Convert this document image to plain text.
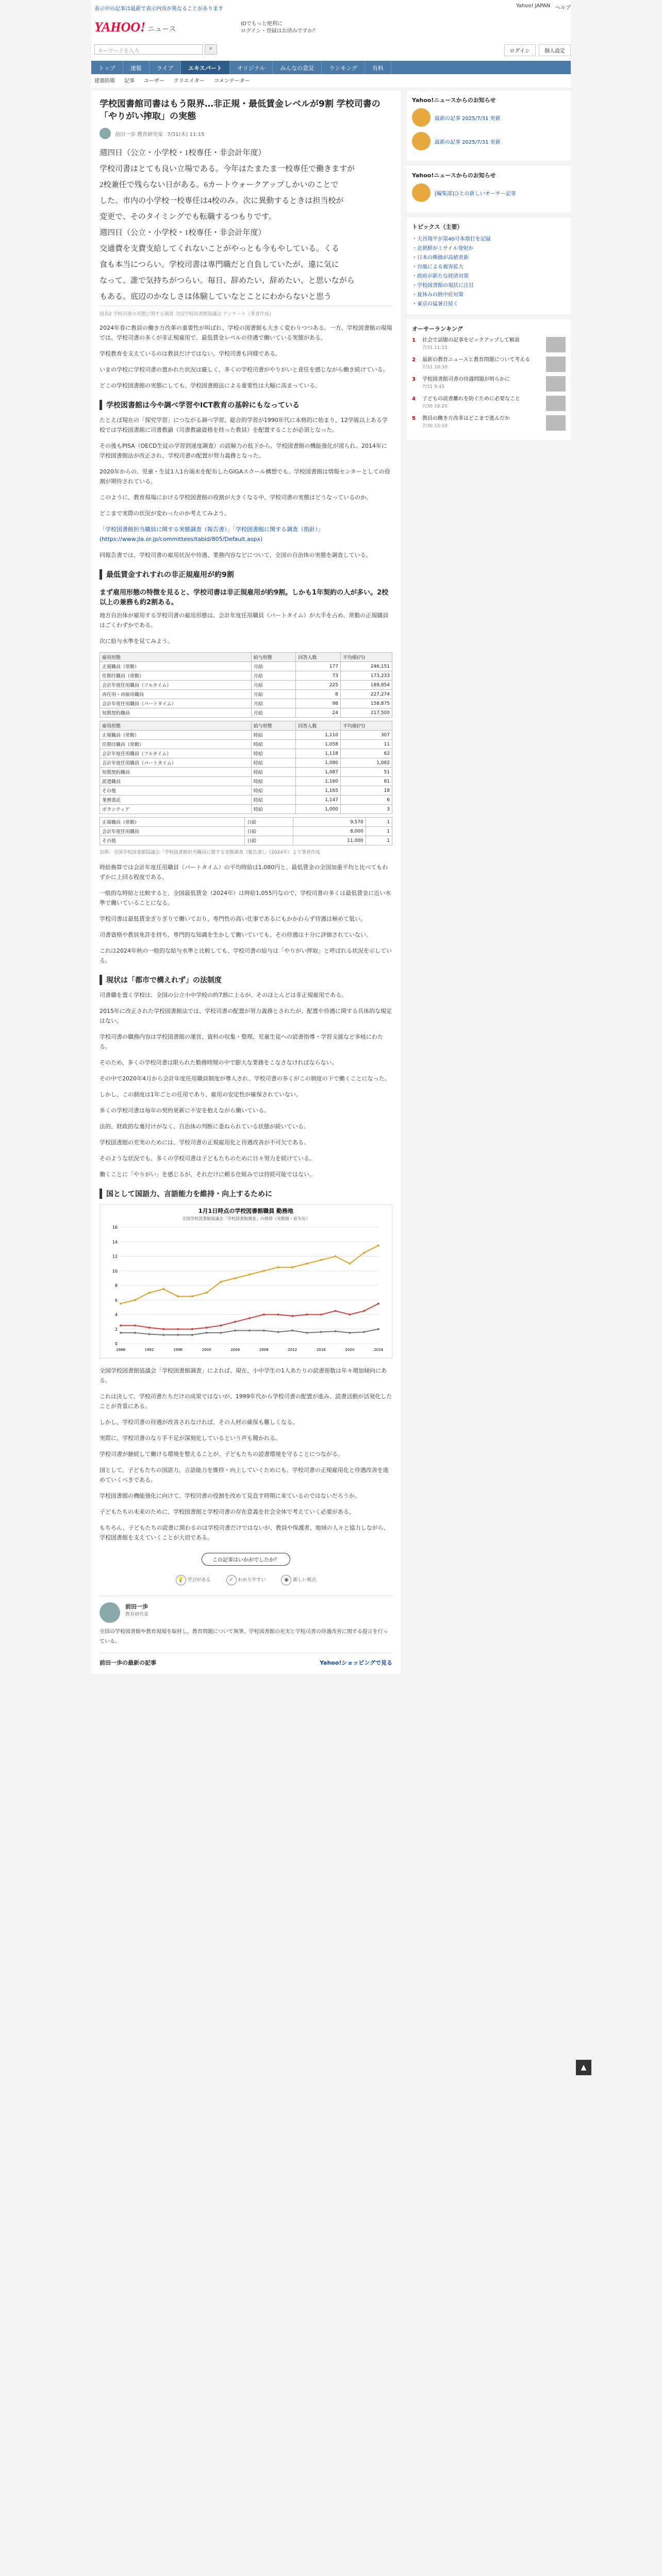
表示中の記事は最新で表示内容が異なることがあります
YAHOO! ニュース
IDでもっと便利に
ログイン・登録はお済みですか？
Yahoo! JAPAN ヘルプ
キーワードを入力	⌕	ログイン	個人設定
トップ	速報	ライブ	エキスパート	オリジナル	みんなの意見	ランキング	有料
建築防衛 記事 ユーザー クリエイター コメンテーター
学校図書館司書はもう限界…非正規・最低賃金レベルが9割 学校司書の「やりがい搾取」の実態
前田一歩 教育研究家 7/31(木) 11:15

週四日（公立・小学校・1校専任・非会計年度）

学校司書はとても良い立場である。今年はたまたま一校専任で働きますが

2校兼任で残らない日がある。6カートウォークアップしかいのことで

した。市内の小学校一校専任は4校のみ。次に異動するときは担当校が

変更で、そのタイミングでも転職するつもりです。

週四日（公立・小学校・1校専任・非会計年度）

交通費を支費支給してくれないことがやっとも今もやしている。くる

食も本当につらい。学校司書は専門職だと自負していたが、違に気に

なって、誰で気持ちがつらい。毎日、辞めたい、辞めたい、と思いながら

もある。底辺のかなしさは体験していなとことにわからないと思う

図表2 学校司書の実態に関する調査 全国学校図書館協議会 アンケート（筆者作成）

2024年春に教員の働き方改革の重要性が叫ばれ、学校の図書館も大きく変わりつつある。一方、学校図書館の現場では、学校司書の多くが非正規雇用で、最低賃金レベルの待遇で働いている実態がある。

学校教育を支えているのは教員だけではない。学校司書も同様である。

いまの学校に学校司書の置かれた状況は厳しく、多くの学校司書がやりがいと責任を感じながら働き続けている。

どこの学校図書館の実態にしても、学校図書館法による重要性は大幅に高まっている。

学校図書館は今や調べ学習やICT教育の基幹にもなっている

たとえば現在の「探究学習」につながる調べ学習、総合的学習が1990年代に本格的に始まり、12学級以上ある学校では学校図書館に司書教諭（司書教諭資格を持った教員）を配置することが必須となった。

その後もPISA（OECD生徒の学習到達度調査）の読解力の低下から、学校図書館の機能強化が図られ、2014年に学校図書館法が改正され、学校司書の配置が努力義務となった。

2020年からの、児童・生徒1人1台端末を配布したGIGAスクール構想でも、学校図書館は情報センターとしての役割が期待されている。

このように、教育現場における学校図書館の役割が大きくなる中、学校司書の実態はどうなっているのか。

どこまで実際の状況が変わったのか考えてみよう。

「学校図書館担当職員に関する実態調査（報告書）」「学校図書館に関する調査（指針）」
(https://www.jla.or.jp/committees/tabid/805/Default.aspx)

同報告書では、学校司書の雇用状況や待遇、業務内容などについて、全国の自治体の実態を調査している。

最低賃金すれすれの非正規雇用が約9割
まず雇用形態の特徴を見ると、学校司書は非正規雇用が約9割。しかも1年契約の人が多い。2校以上の兼務も約2割ある。

地方自治体が雇用する学校司書の雇用形態は、会計年度任用職員（パートタイム）が大半を占め、常勤の正規職員はごくわずかである。

次に給与水準を見てみよう。

雇用形態	給与形態	回答人数	平均値(円)
正規職員（常勤）	月給	177	246,151
任期付職員（常勤）	月給	73	173,233
会計年度任用職員（フルタイム）	月給	225	189,854
再任用・再雇用職員	月給	8	227,274
会計年度任用職員（パートタイム）	月給	98	158,875
短期契約職員	月給	24	217,500
雇用形態	給与形態	回答人数	平均値(円)
正規職員（常勤）	時給	1,110	307
任期付職員（常勤）	時給	1,058	11
会計年度任用職員（フルタイム）	時給	1,118	62
会計年度任用職員（パートタイム）	時給	1,080	1,082
短期契約職員	時給	1,087	51
派遣職員	時給	1,160	81
その他	時給	1,165	18
業務委託	時給	1,147	6
ボランティア	時給	1,000	3
正規職員（常勤）	日給	9,570	1
会計年度任用職員	日給	8,000	1
その他	日給	11,000	1
出典：全国学校図書館協議会「学校図書館担当職員に関する実態調査（報告書）」（2024年）より筆者作成

時給換算では会計年度任用職員（パートタイム）の平均時給は1,080円と、最低賃金の全国加重平均と比べてもわずかに上回る程度である。

一般的な時給と比較すると、全国最低賃金（2024年）は時給1,055円なので、学校司書の多くは最低賃金に近い水準で働いていることになる。

学校司書は最低賃金ぎりぎりで働いており、専門性の高い仕事であるにもかかわらず待遇は極めて低い。

司書資格や教員免許を持ち、専門的な知識を生かして働いていても、その待遇は十分に評価されていない。

これは2024年秋の一般的な給与水準と比較しても、学校司書の給与は「やりがい搾取」と呼ばれる状況を示している。

現状は「都市で構えれず」の法制度

司書職を置く学校は、全国の公立小中学校の約7割に上るが、そのほとんどは非正規雇用である。

2015年に改正された学校図書館法では、学校司書の配置が努力義務とされたが、配置や待遇に関する具体的な規定はない。

学校司書の職務内容は学校図書館の運営、資料の収集・整理、児童生徒への読書指導・学習支援など多岐にわたる。

そのため、多くの学校司書は限られた勤務時間の中で膨大な業務をこなさなければならない。

その中で2020年4月から会計年度任用職員制度が導入され、学校司書の多くがこの制度の下で働くことになった。

しかし、この制度は1年ごとの任用であり、雇用の安定性が確保されていない。

多くの学校司書は毎年の契約更新に不安を抱えながら働いている。

法的、財政的な裏付けがなく、自治体の判断に委ねられている状態が続いている。

学校図書館の充実のためには、学校司書の正規雇用化と待遇改善が不可欠である。

そのような状況でも、多くの学校司書は子どもたちのために日々努力を続けている。

働くことに「やりがい」を感じるが、それだけに頼る仕組みでは持続可能ではない。

国として国語力、言語能力を維持・向上するために
1月1日時点の学校図書館職員 勤務地
全国学校図書館協議会「学校図書館調査」の推移（実数値・前年比）
0
2
4
6
8
10
12
14
16
1988	1992	1996	2000	2004	2008	2012	2016	2020	2024

全国学校図書館協議会「学校図書館調査」によれば、現在、小中学生の1人あたりの読書冊数は年々増加傾向にある。

これは決して、学校司書たちだけの成果ではないが、1999年代から学校司書の配置が進み、読書活動が活発化したことが背景にある。

しかし、学校司書の待遇が改善されなければ、その人材の確保も難しくなる。

実際に、学校司書のなり手不足が深刻化しているという声も聞かれる。

学校司書が継続して働ける環境を整えることが、子どもたちの読書環境を守ることにつながる。

国として、子どもたちの国語力、言語能力を維持・向上していくためにも、学校司書の正規雇用化と待遇改善を進めていくべきである。

学校図書館の機能強化に向けて、学校司書の役割を改めて見直す時期に来ているのではないだろうか。

子どもたちの未来のために、学校図書館と学校司書の存在意義を社会全体で考えていく必要がある。

もちろん、子どもたちの読書に関わるのは学校司書だけではないが、教員や保護者、地域の人々と協力しながら、学校図書館を支えていくことが大切である。

この記事はいかがでしたか？
💡 学びがある	✓ わかりやすい	◉ 新しい視点
前田一歩
教育研究家

全国の学校図書館や教育現場を取材し、教育問題について執筆。学校図書館の充実と学校司書の待遇改善に関する提言を行っている。

前田一歩の最新の記事	Yahoo!ショッピングで見る
Yahoo!ニュースからのお知らせ
最新の記事 2025/7/31 更新
最新の記事 2025/7/31 更新
Yahoo!ニュースからのお知らせ
[編集部]ひとの新しいオーサー記事
トピックス（主要）
・大谷翔平が第40号本塁打を記録
・北朝鮮がミサイル発射か
・日本の株価が高値更新
・台風による被害拡大
・政府が新たな経済対策
・学校図書館の現状に注目
・夏休みの熱中症対策
・東京の猛暑日続く
オーサーランキング
1	社会で話題の記事をピックアップして解説
7/31 11:15
2	最新の教育ニュースと教育問題について考える
7/31 10:30
3	学校図書館司書の待遇問題が明らかに
7/31 9:45
4	子どもの読書離れを防ぐために必要なこと
7/30 18:20
5	教員の働き方改革はどこまで進んだか
7/30 15:10
▲
